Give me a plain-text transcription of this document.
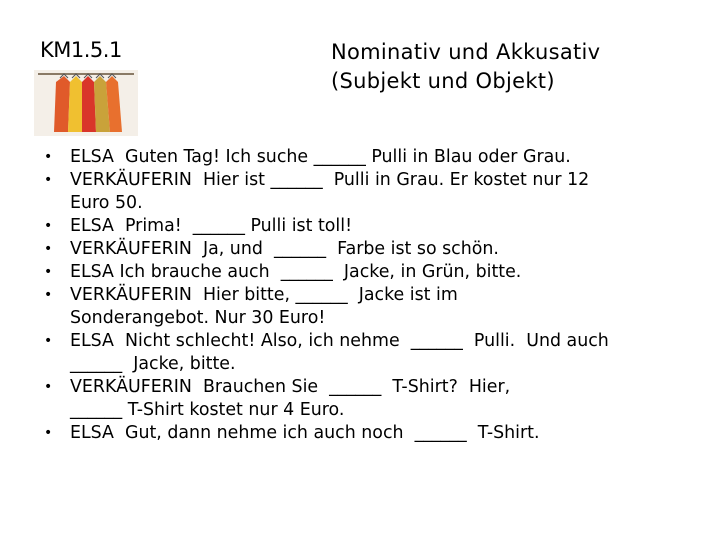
KM1.5.1	Nominativ und Akkusativ
(Subjekt und Objekt)
• ELSA  Guten Tag! Ich suche ______ Pulli in Blau oder Grau.
• VERKÄUFERIN  Hier ist ______  Pulli in Grau. Er kostet nur 12
Euro 50.
• ELSA  Prima!  ______ Pulli ist toll!
• VERKÄUFERIN  Ja, und  ______  Farbe ist so schön.
• ELSA Ich brauche auch  ______  Jacke, in Grün, bitte.
• VERKÄUFERIN  Hier bitte, ______  Jacke ist im
Sonderangebot. Nur 30 Euro!
• ELSA  Nicht schlecht! Also, ich nehme  ______  Pulli.  Und auch
______  Jacke, bitte.
• VERKÄUFERIN  Brauchen Sie  ______  T-Shirt?  Hier,
______ T-Shirt kostet nur 4 Euro.
• ELSA  Gut, dann nehme ich auch noch  ______  T-Shirt.
